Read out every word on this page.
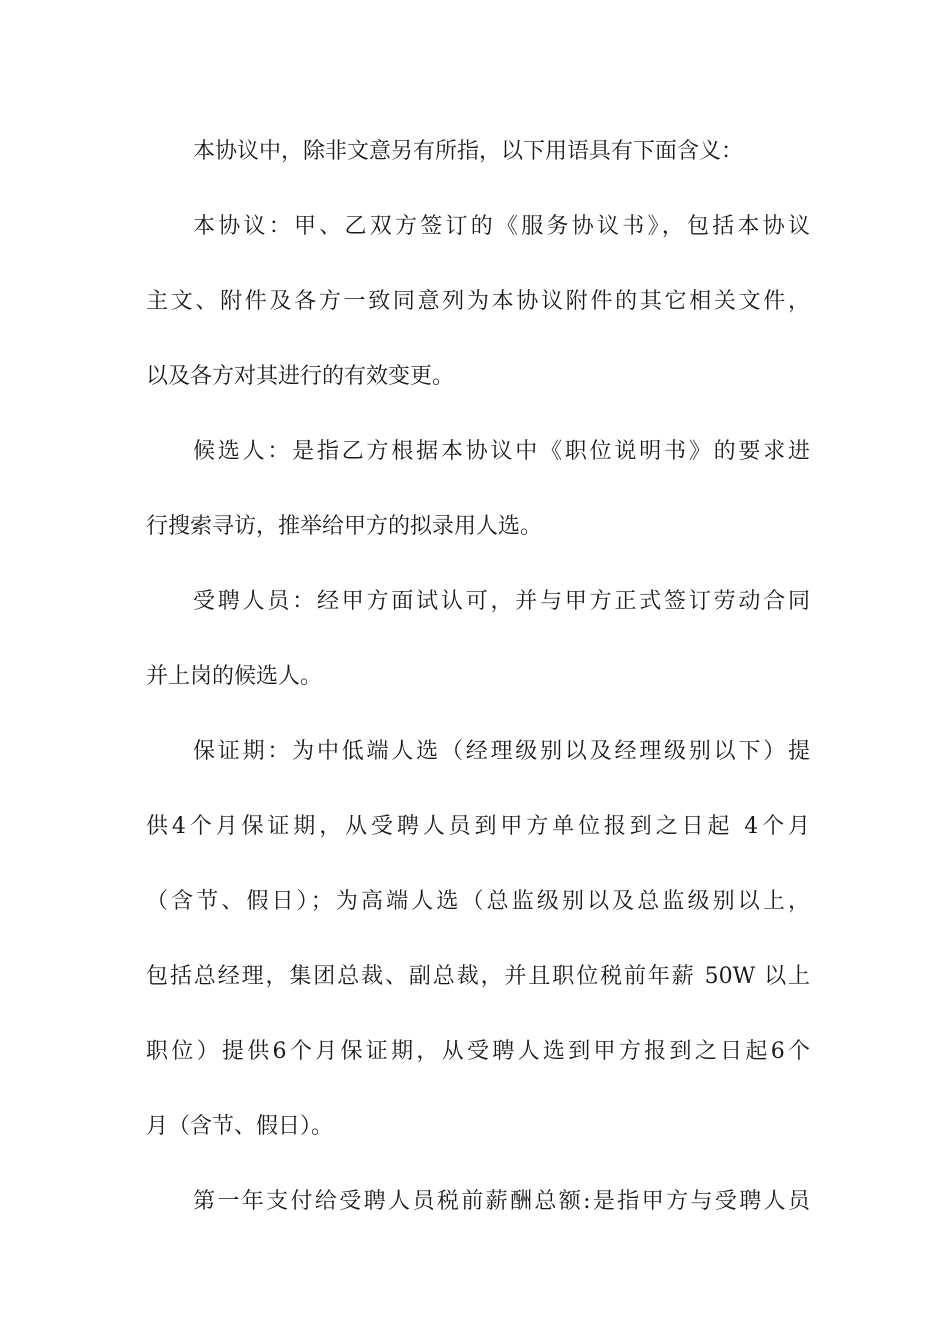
本协议中，除非文意另有所指，以下用语具有下面含义：
本协议：甲、乙双方签订的《服务协议书》，包括本协议
主文、附件及各方一致同意列为本协议附件的其它相关文件，
以及各方对其进行的有效变更。
候选人：是指乙方根据本协议中《职位说明书》的要求进
行搜索寻访，推举给甲方的拟录用人选。
受聘人员：经甲方面试认可，并与甲方正式签订劳动合同
并上岗的候选人。
保证期：为中低端人选（经理级别以及经理级别以下）提
供4个月保证期，从受聘人员到甲方单位报到之日起 4个月
（含节、假日）；为高端人选（总监级别以及总监级别以上，
包括总经理，集团总裁、副总裁，并且职位税前年薪 50W 以上
职位）提供6个月保证期，从受聘人选到甲方报到之日起6个
月（含节、假日）。
第一年支付给受聘人员税前薪酬总额:是指甲方与受聘人员
